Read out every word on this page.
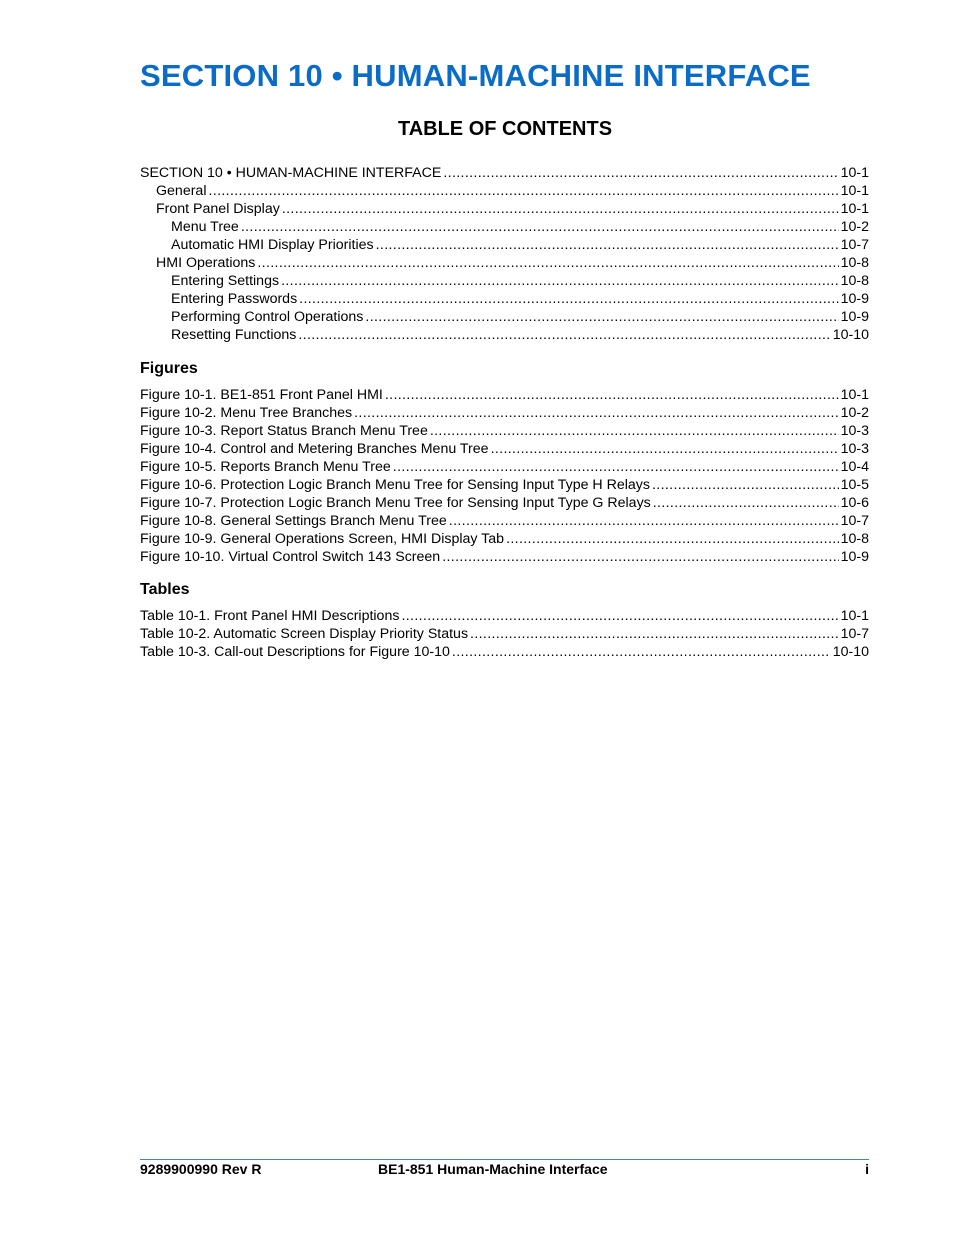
SECTION 10 • HUMAN-MACHINE INTERFACE
TABLE OF CONTENTS
SECTION 10 • HUMAN-MACHINE INTERFACE .....	10-1
General .....	10-1
Front Panel Display .....	10-1
Menu Tree .....	10-2
Automatic HMI Display Priorities .....	10-7
HMI Operations .....	10-8
Entering Settings .....	10-8
Entering Passwords .....	10-9
Performing Control Operations .....	10-9
Resetting Functions .....	10-10
Figures
Figure 10-1. BE1-851 Front Panel HMI .....	10-1
Figure 10-2. Menu Tree Branches .....	10-2
Figure 10-3. Report Status Branch Menu Tree .....	10-3
Figure 10-4. Control and Metering Branches Menu Tree .....	10-3
Figure 10-5. Reports Branch Menu Tree .....	10-4
Figure 10-6. Protection Logic Branch Menu Tree for Sensing Input Type H Relays .....	10-5
Figure 10-7. Protection Logic Branch Menu Tree for Sensing Input Type G Relays .....	10-6
Figure 10-8. General Settings Branch Menu Tree .....	10-7
Figure 10-9. General Operations Screen, HMI Display Tab .....	10-8
Figure 10-10. Virtual Control Switch 143 Screen .....	10-9
Tables
Table 10-1. Front Panel HMI Descriptions .....	10-1
Table 10-2. Automatic Screen Display Priority Status .....	10-7
Table 10-3. Call-out Descriptions for Figure 10-10 .....	10-10
9289900990 Rev R	BE1-851 Human-Machine Interface	i
